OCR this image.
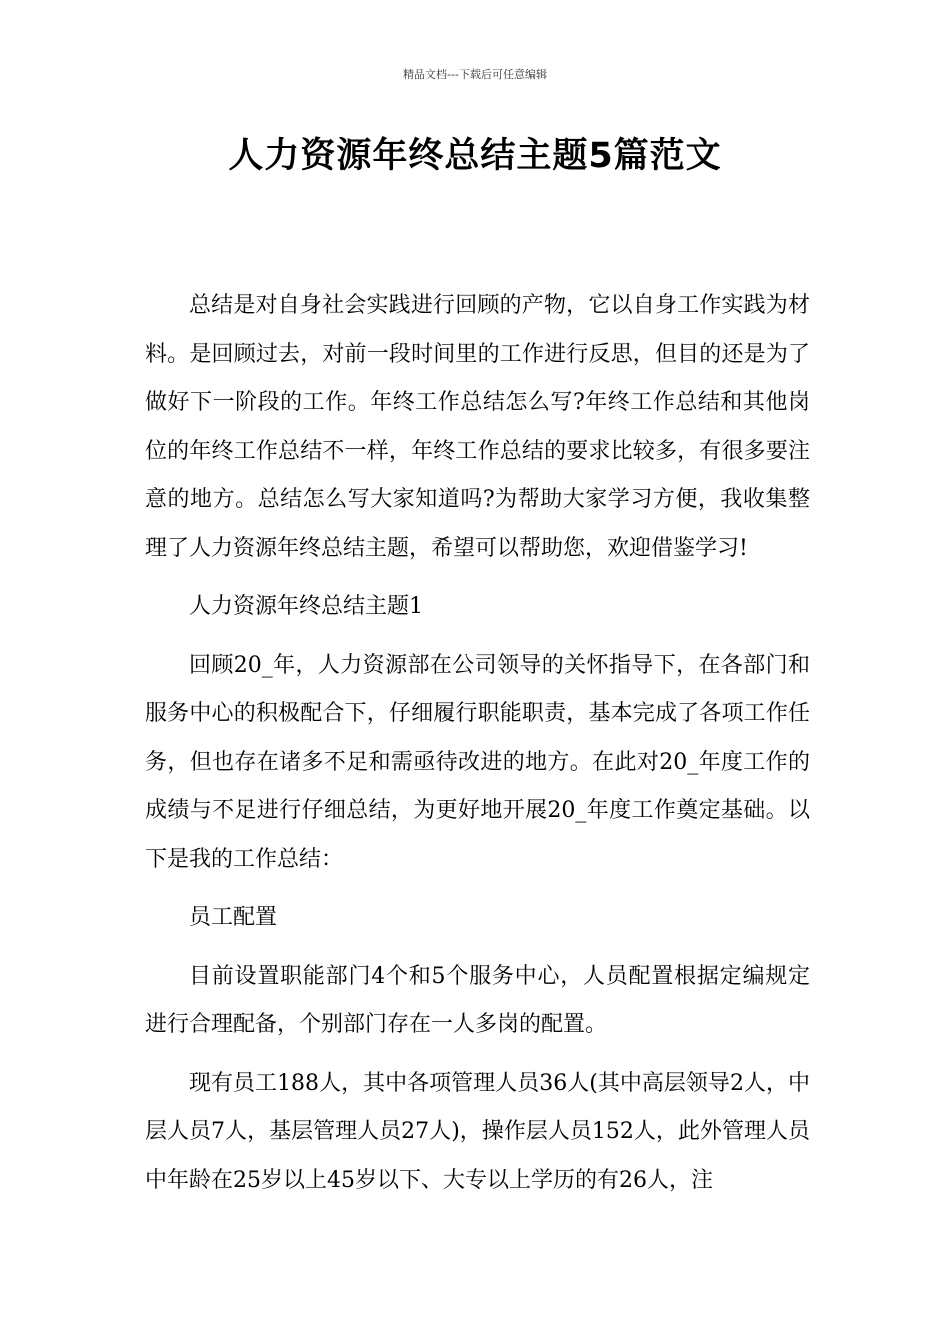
精品文档---下载后可任意编辑
人力资源年终总结主题5篇范文

总结是对自身社会实践进行回顾的产物，它以自身工作实践为材料。是回顾过去，对前一段时间里的工作进行反思，但目的还是为了做好下一阶段的工作。年终工作总结怎么写?年终工作总结和其他岗位的年终工作总结不一样，年终工作总结的要求比较多，有很多要注意的地方。总结怎么写大家知道吗?为帮助大家学习方便，我收集整理了人力资源年终总结主题，希望可以帮助您，欢迎借鉴学习!

人力资源年终总结主题1

回顾20_年，人力资源部在公司领导的关怀指导下，在各部门和服务中心的积极配合下，仔细履行职能职责，基本完成了各项工作任务，但也存在诸多不足和需亟待改进的地方。在此对20_年度工作的成绩与不足进行仔细总结，为更好地开展20_年度工作奠定基础。以下是我的工作总结：

员工配置

目前设置职能部门4个和5个服务中心，人员配置根据定编规定进行合理配备，个别部门存在一人多岗的配置。

现有员工188人，其中各项管理人员36人(其中高层领导2人，中层人员7人，基层管理人员27人)，操作层人员152人，此外管理人员中年龄在25岁以上45岁以下、大专以上学历的有26人，注
